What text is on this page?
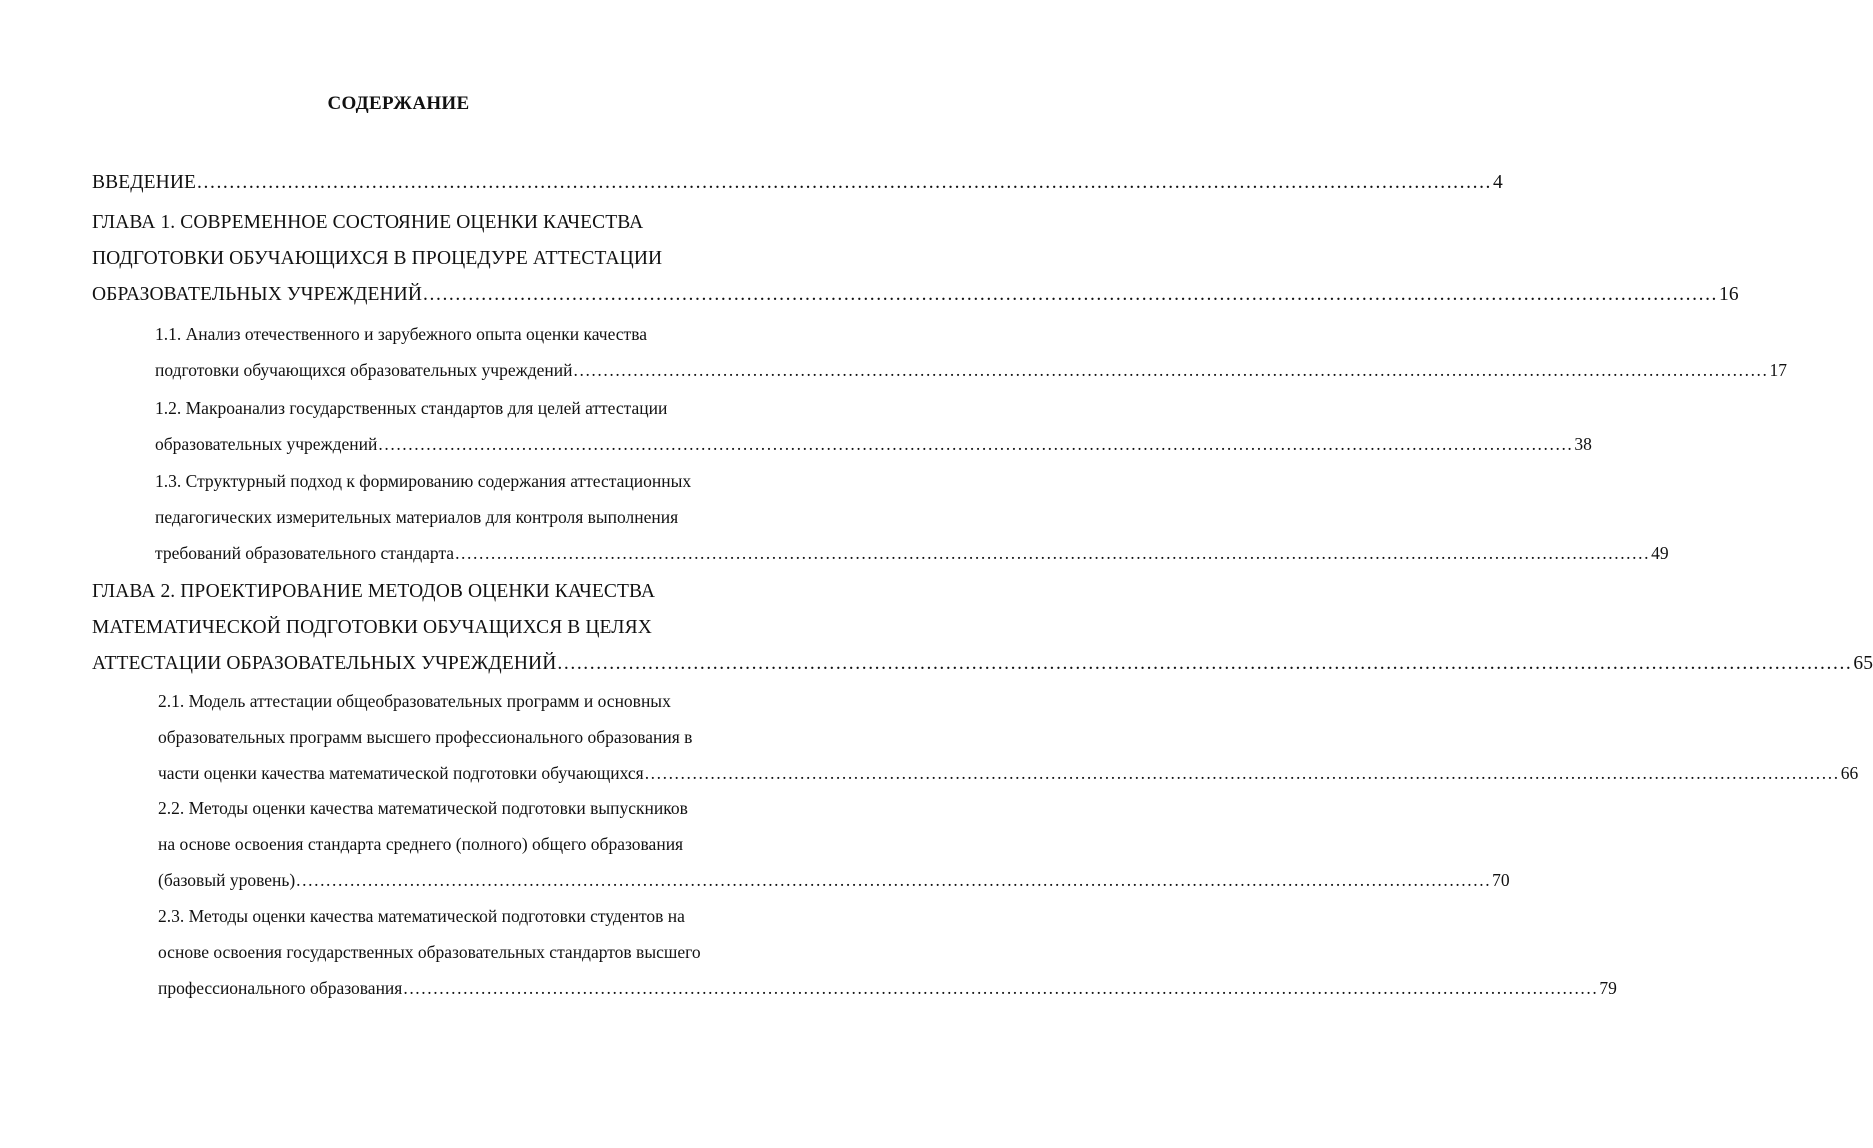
СОДЕРЖАНИЕ
ВВЕДЕНИЕ ........................................................................................................................................................................................................ 4
ГЛАВА 1. СОВРЕМЕННОЕ СОСТОЯНИЕ ОЦЕНКИ КАЧЕСТВА
ПОДГОТОВКИ ОБУЧАЮЩИХСЯ В ПРОЦЕДУРЕ АТТЕСТАЦИИ
ОБРАЗОВАТЕЛЬНЫХ УЧРЕЖДЕНИЙ ........................................................................................................................................................................................................ 16
1.1. Анализ отечественного и зарубежного опыта оценки качества
подготовки обучающихся образовательных учреждений ........................................................................................................................................................................................................ 17
1.2. Макроанализ государственных стандартов для целей аттестации
образовательных учреждений ........................................................................................................................................................................................................ 38
1.3. Структурный подход к формированию содержания аттестационных
педагогических измерительных материалов для контроля выполнения
требований образовательного стандарта ........................................................................................................................................................................................................ 49
ГЛАВА 2. ПРОЕКТИРОВАНИЕ МЕТОДОВ ОЦЕНКИ КАЧЕСТВА
МАТЕМАТИЧЕСКОЙ ПОДГОТОВКИ ОБУЧАЩИХСЯ В ЦЕЛЯХ
АТТЕСТАЦИИ ОБРАЗОВАТЕЛЬНЫХ УЧРЕЖДЕНИЙ ........................................................................................................................................................................................................ 65
2.1. Модель аттестации общеобразовательных программ и основных
образовательных программ высшего профессионального образования в
части оценки качества математической подготовки обучающихся ........................................................................................................................................................................................................ 66
2.2. Методы оценки качества математической подготовки выпускников
на основе освоения стандарта среднего (полного) общего образования
(базовый уровень) ........................................................................................................................................................................................................ 70
2.3. Методы оценки качества математической подготовки студентов на
основе освоения государственных образовательных стандартов высшего
профессионального образования ........................................................................................................................................................................................................ 79
